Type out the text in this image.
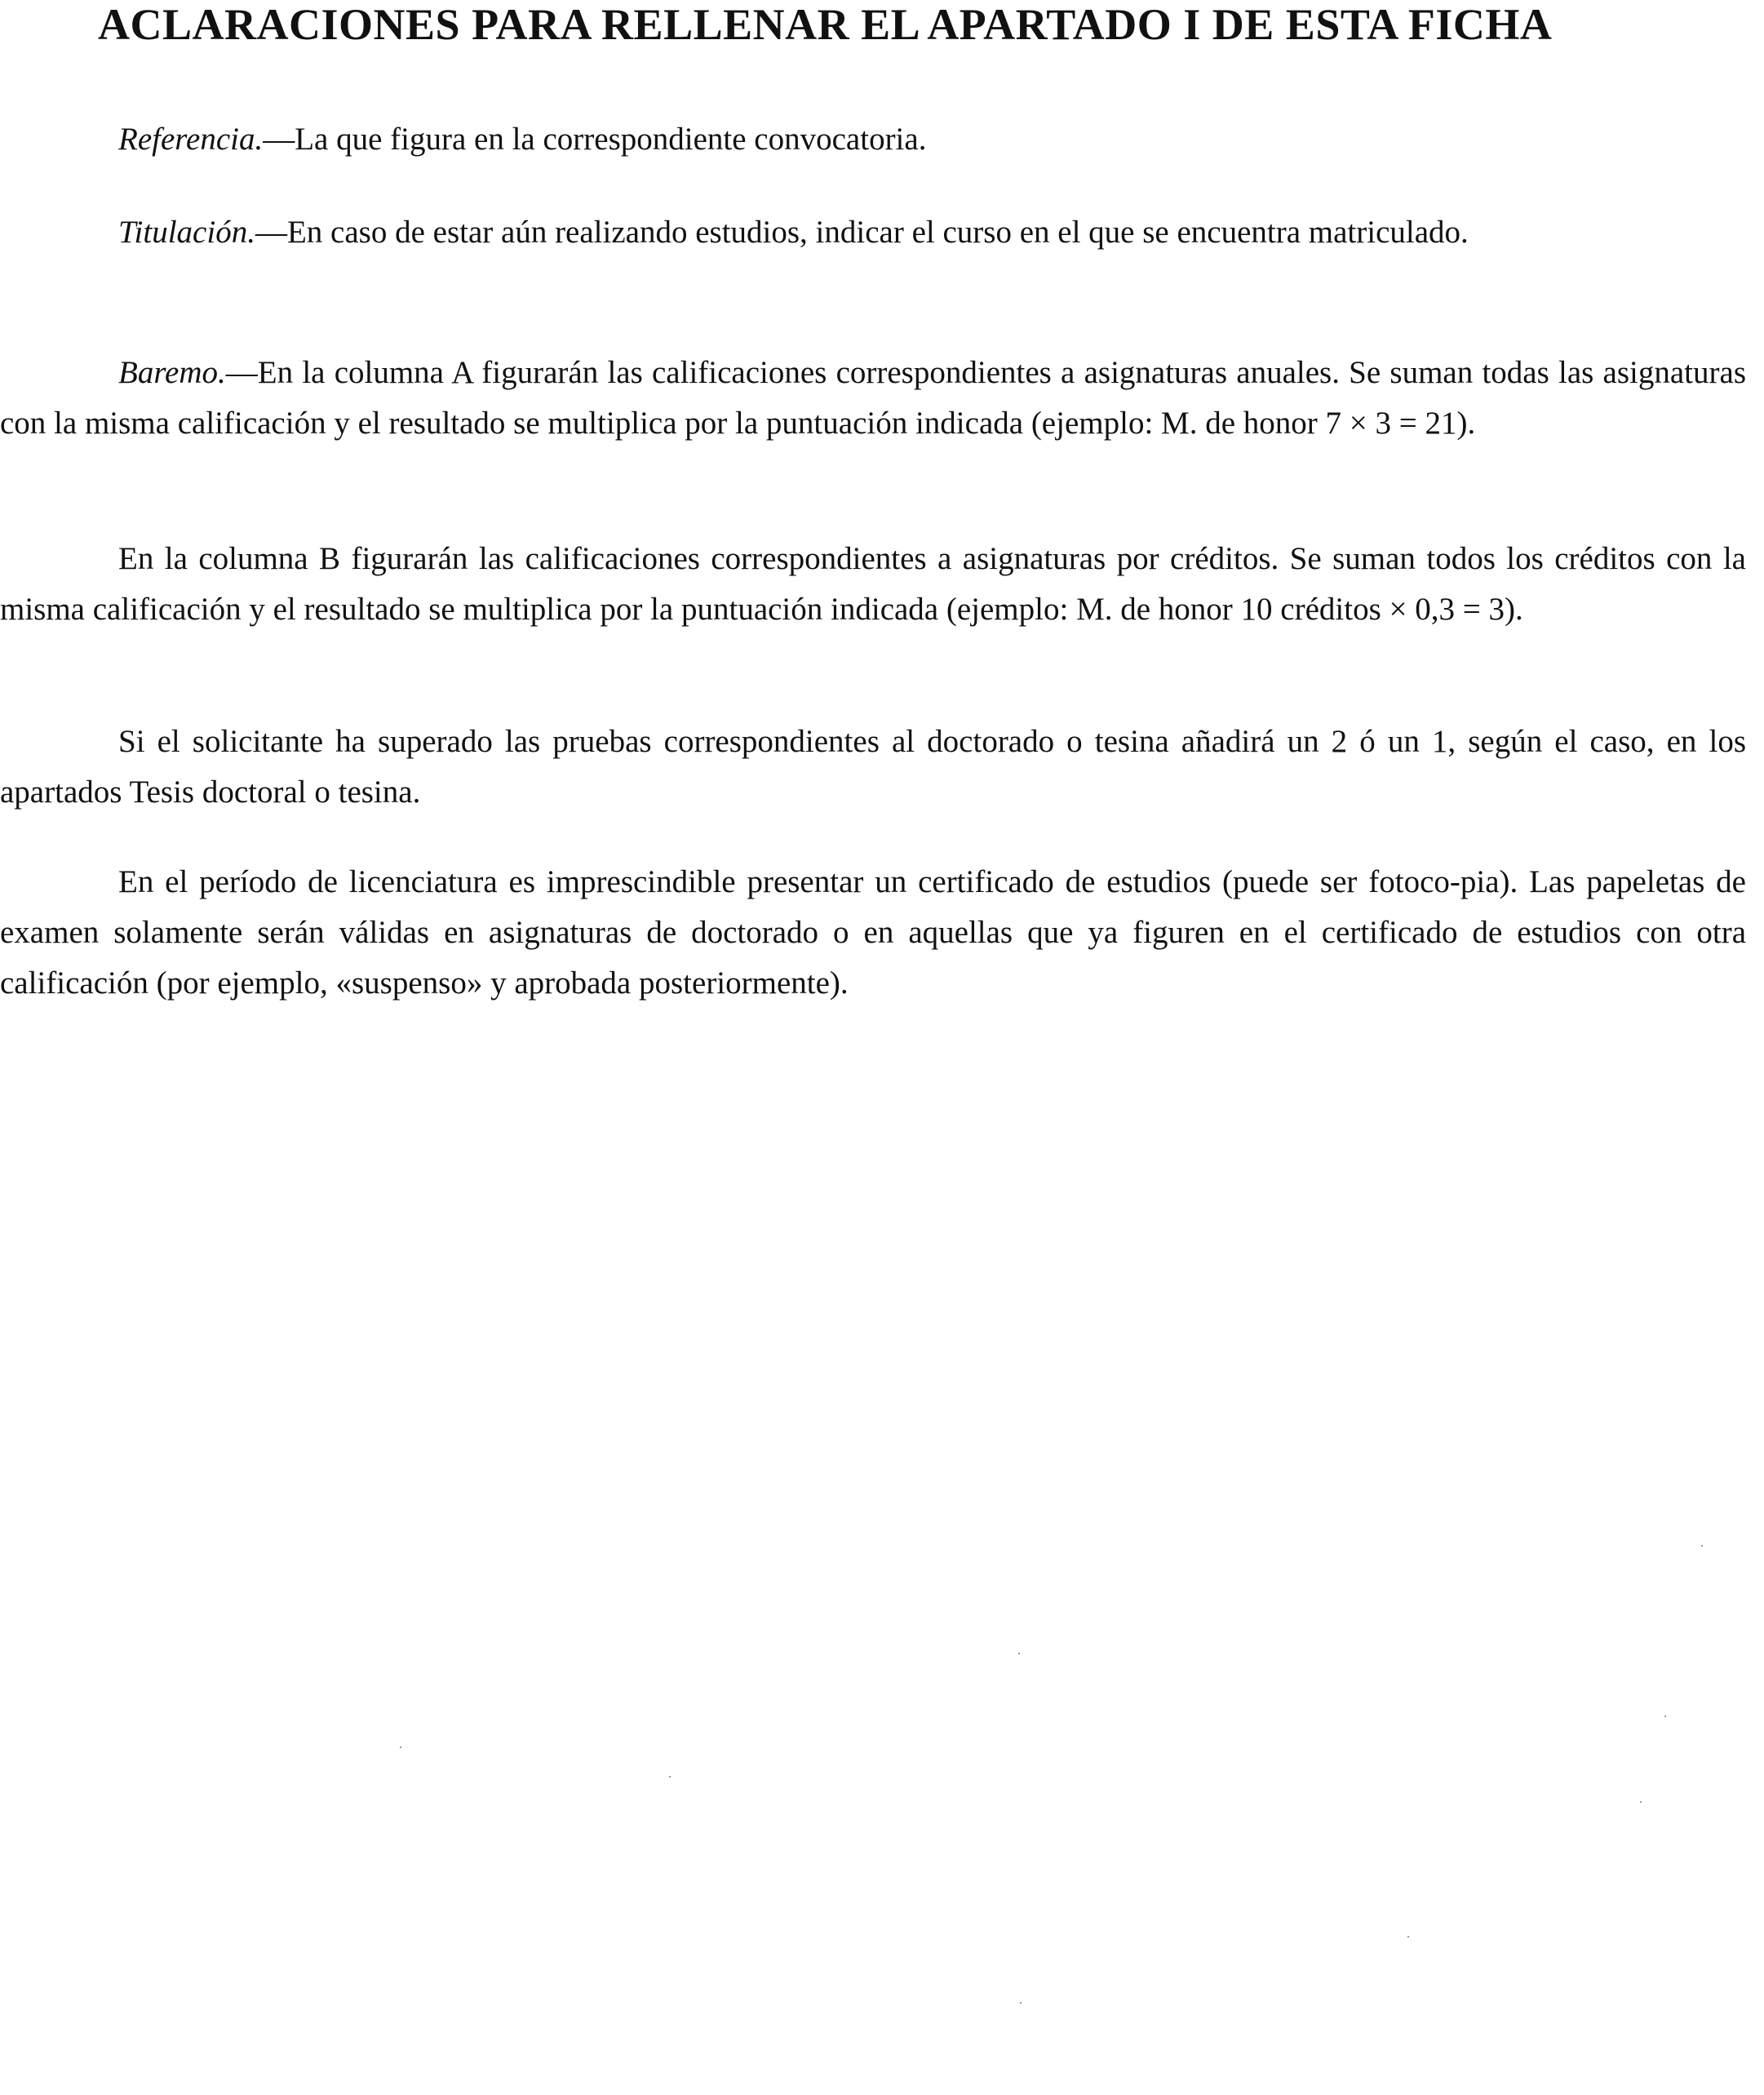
ACLARACIONES PARA RELLENAR EL APARTADO I DE ESTA FICHA

Referencia.—La que figura en la correspondiente convocatoria.

Titulación.—En caso de estar aún realizando estudios, indicar el curso en el que se encuentra matriculado.

Baremo.—En la columna A figurarán las calificaciones correspondientes a asignaturas anuales. Se suman todas las asignaturas con la misma calificación y el resultado se multiplica por la puntuación indicada (ejemplo: M. de honor 7 × 3 = 21).

En la columna B figurarán las calificaciones correspondientes a asignaturas por créditos. Se suman todos los créditos con la misma calificación y el resultado se multiplica por la puntuación indicada (ejemplo: M. de honor 10 créditos × 0,3 = 3).

Si el solicitante ha superado las pruebas correspondientes al doctorado o tesina añadirá un 2 ó un 1, según el caso, en los apartados Tesis doctoral o tesina.

En el período de licenciatura es imprescindible presentar un certificado de estudios (puede ser fotoco-pia). Las papeletas de examen solamente serán válidas en asignaturas de doctorado o en aquellas que ya figuren en el certificado de estudios con otra calificación (por ejemplo, «suspenso» y aprobada posteriormente).
